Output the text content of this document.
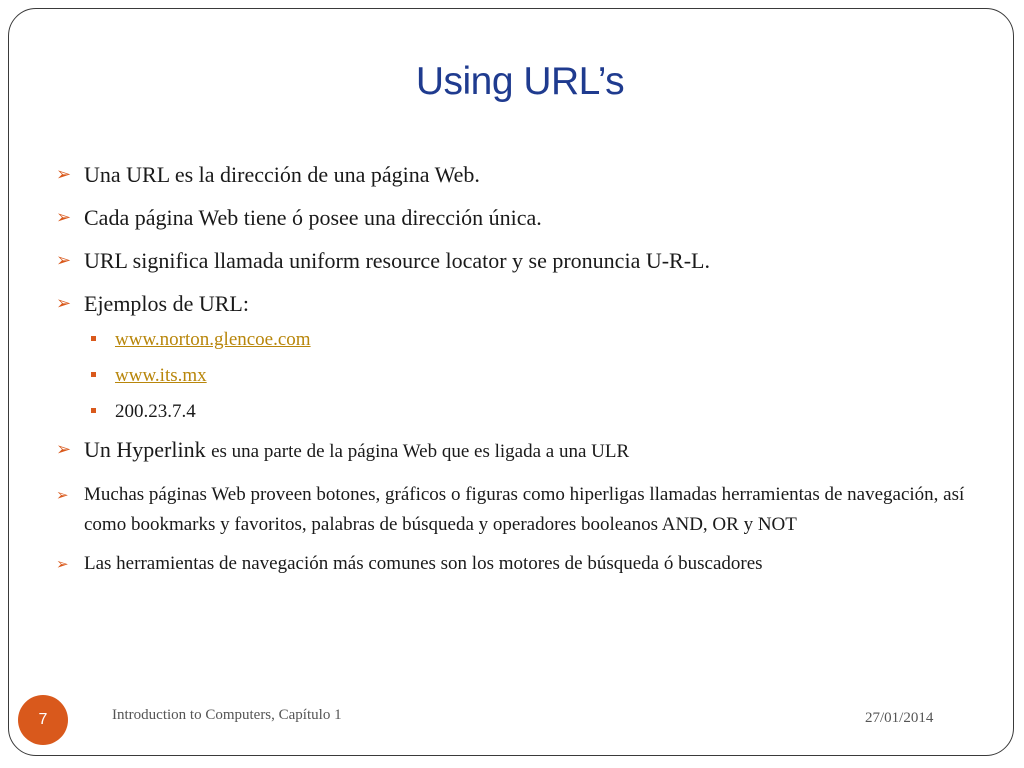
Using URL’s
➢ Una URL es la dirección de una página Web.
➢ Cada página Web tiene ó posee una dirección única.
➢ URL significa llamada uniform resource locator y se pronuncia U-R-L.
➢ Ejemplos de URL:
www.norton.glencoe.com
www.its.mx
200.23.7.4
➢ Un Hyperlink es una parte de la página Web que es ligada a una ULR
➢ Muchas páginas Web proveen botones, gráficos o figuras como hiperligas llamadas herramientas de navegación, así como bookmarks y favoritos, palabras de búsqueda y operadores booleanos AND, OR y NOT
➢ Las herramientas de navegación más comunes son los motores de búsqueda ó buscadores
7	Introduction to Computers, Capítulo 1	27/01/2014
